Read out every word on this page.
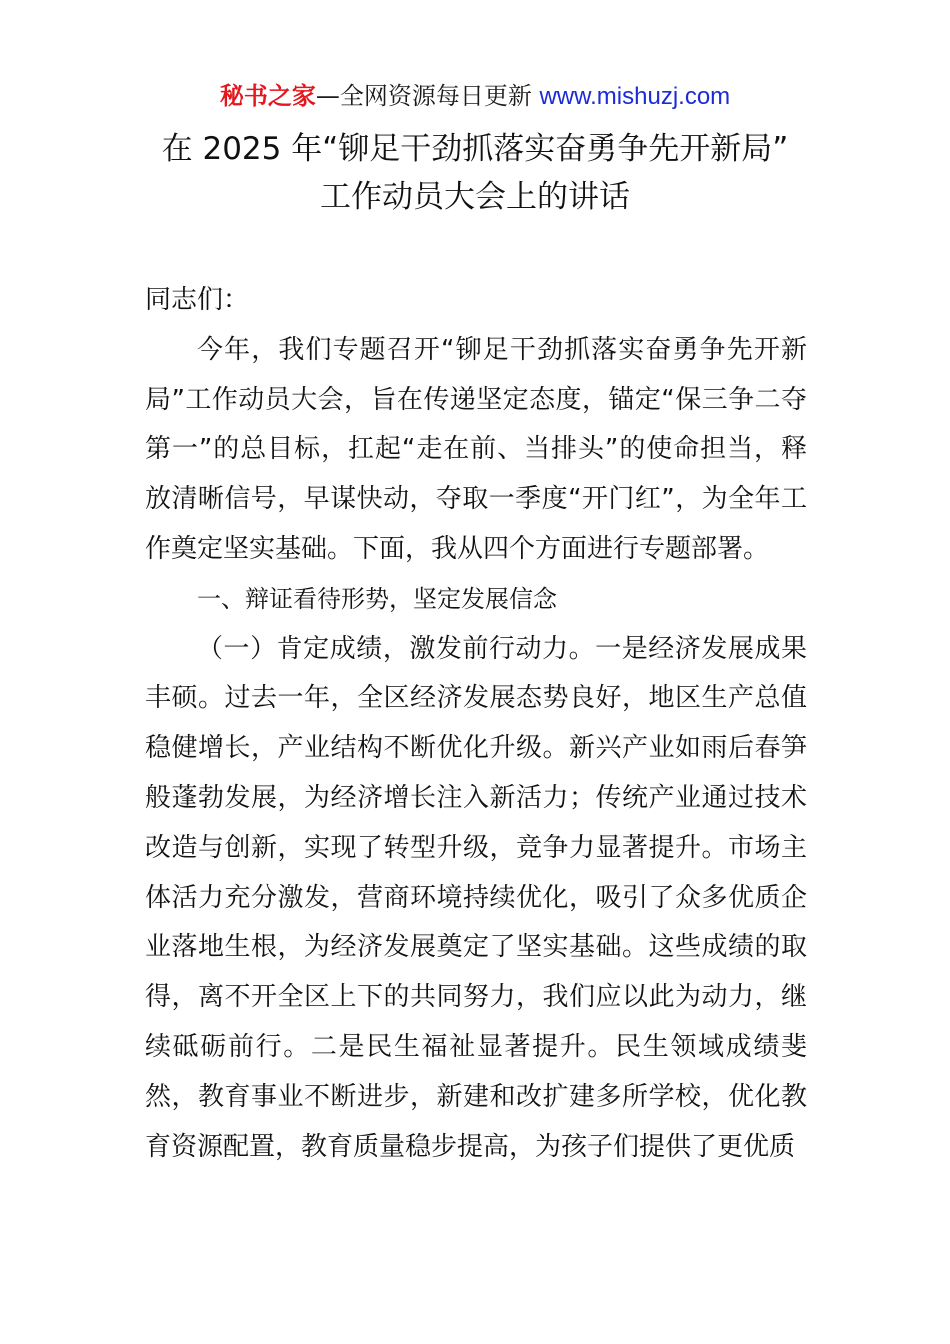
秘书之家—全网资源每日更新 www.mishuzj.com
在 2025 年“铆足干劲抓落实奋勇争先开新局”
工作动员大会上的讲话

同志们：

今年，我们专题召开“铆足干劲抓落实奋勇争先开新局”工作动员大会，旨在传递坚定态度，锚定“保三争二夺第一”的总目标，扛起“走在前、当排头”的使命担当，释放清晰信号，早谋快动，夺取一季度“开门红”，为全年工作奠定坚实基础。下面，我从四个方面进行专题部署。

一、辩证看待形势，坚定发展信念

（一）肯定成绩，激发前行动力。一是经济发展成果丰硕。过去一年，全区经济发展态势良好，地区生产总值稳健增长，产业结构不断优化升级。新兴产业如雨后春笋般蓬勃发展，为经济增长注入新活力；传统产业通过技术改造与创新，实现了转型升级，竞争力显著提升。市场主体活力充分激发，营商环境持续优化，吸引了众多优质企业落地生根，为经济发展奠定了坚实基础。这些成绩的取得，离不开全区上下的共同努力，我们应以此为动力，继续砥砺前行。二是民生福祉显著提升。民生领域成绩斐然，教育事业不断进步，新建和改扩建多所学校，优化教育资源配置，教育质量稳步提高，为孩子们提供了更优质
